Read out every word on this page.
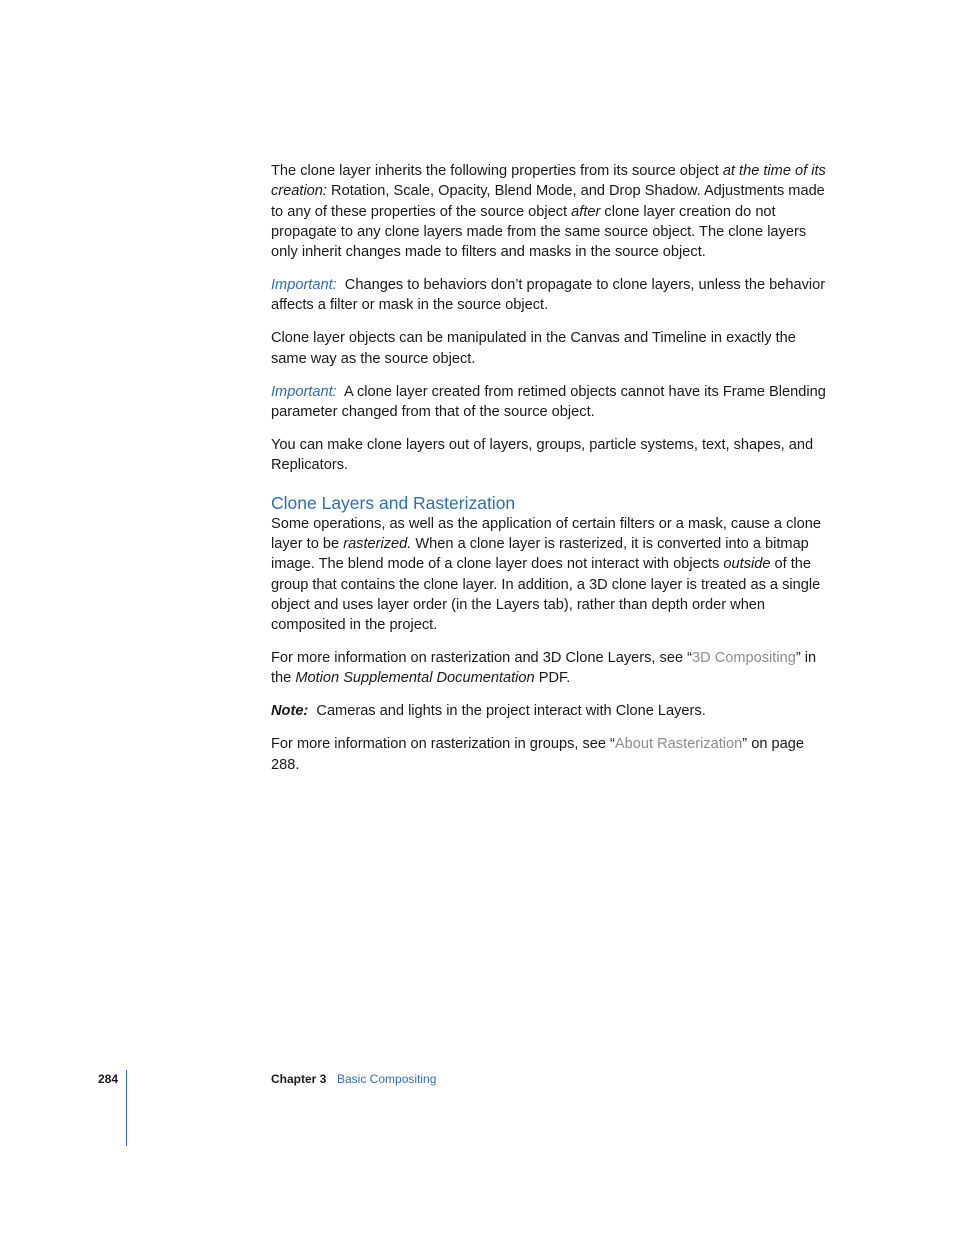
The clone layer inherits the following properties from its source object at the time of its creation: Rotation, Scale, Opacity, Blend Mode, and Drop Shadow. Adjustments made to any of these properties of the source object after clone layer creation do not propagate to any clone layers made from the same source object. The clone layers only inherit changes made to filters and masks in the source object.

Important:  Changes to behaviors don’t propagate to clone layers, unless the behavior affects a filter or mask in the source object.

Clone layer objects can be manipulated in the Canvas and Timeline in exactly the same way as the source object.

Important:  A clone layer created from retimed objects cannot have its Frame Blending parameter changed from that of the source object.

You can make clone layers out of layers, groups, particle systems, text, shapes, and Replicators.

Clone Layers and Rasterization

Some operations, as well as the application of certain filters or a mask, cause a clone layer to be rasterized. When a clone layer is rasterized, it is converted into a bitmap image. The blend mode of a clone layer does not interact with objects outside of the group that contains the clone layer. In addition, a 3D clone layer is treated as a single object and uses layer order (in the Layers tab), rather than depth order when composited in the project.

For more information on rasterization and 3D Clone Layers, see “3D Compositing” in the Motion Supplemental Documentation PDF.

Note:  Cameras and lights in the project interact with Clone Layers.

For more information on rasterization in groups, see “About Rasterization” on page 288.

284	Chapter 3 Basic Compositing
